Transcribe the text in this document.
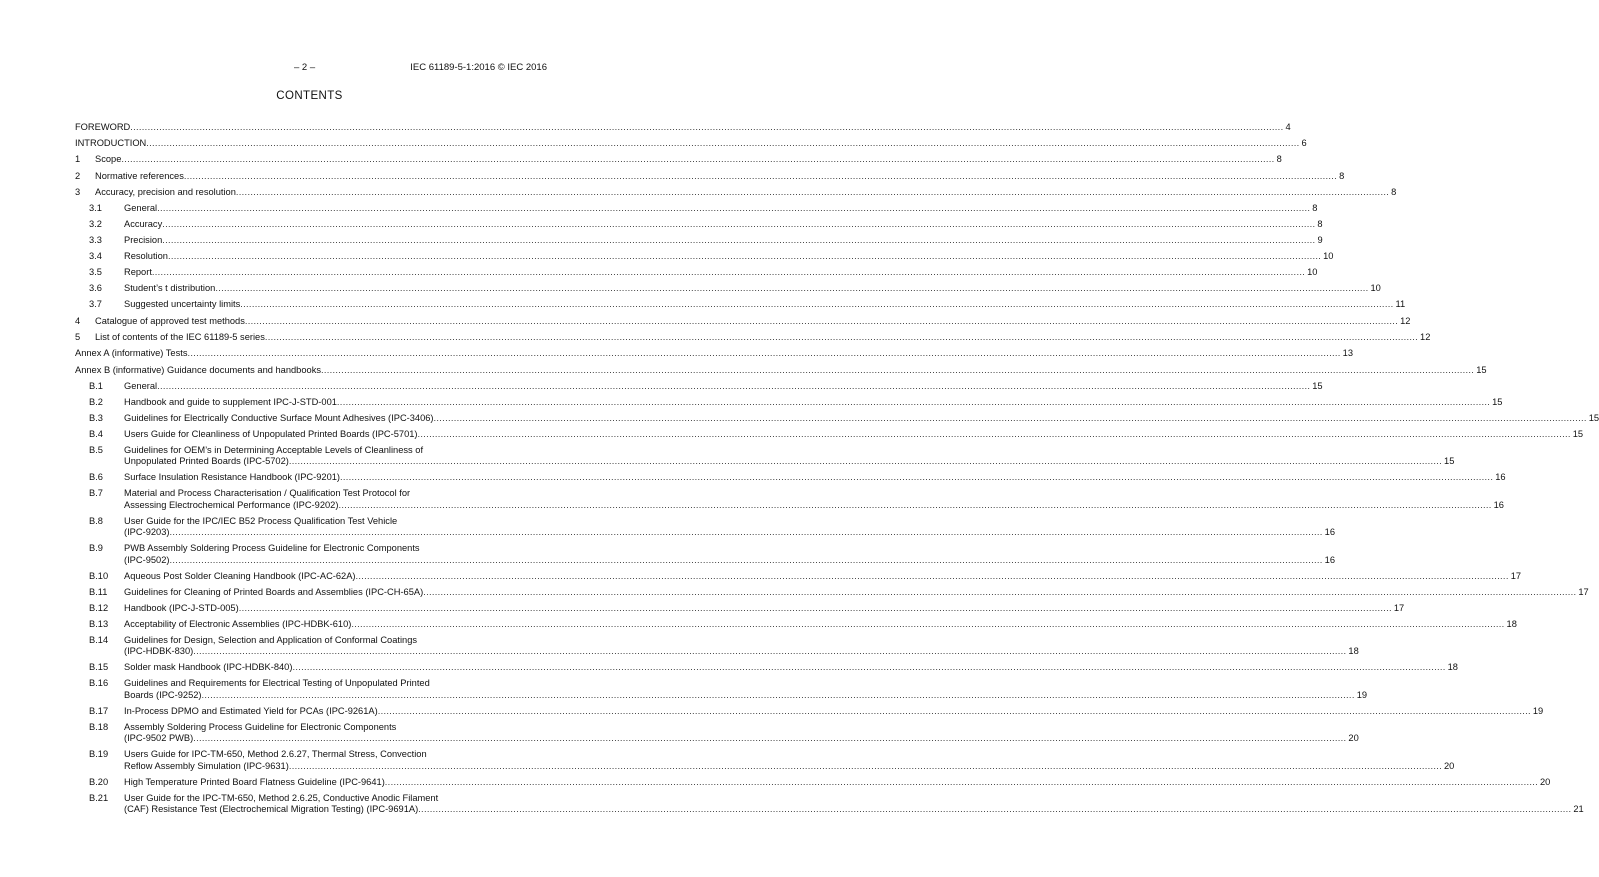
– 2 –	IEC 61189-5-1:2016 © IEC 2016
CONTENTS
FOREWORD ................................................................................................................................................................................................................................................................................................................................................................................................................ 4
INTRODUCTION ................................................................................................................................................................................................................................................................................................................................................................................................................ 6
1 Scope ................................................................................................................................................................................................................................................................................................................................................................................................................ 8
2 Normative references ................................................................................................................................................................................................................................................................................................................................................................................................................ 8
3 Accuracy, precision and resolution ................................................................................................................................................................................................................................................................................................................................................................................................................ 8
3.1 General ................................................................................................................................................................................................................................................................................................................................................................................................................ 8
3.2 Accuracy ................................................................................................................................................................................................................................................................................................................................................................................................................ 8
3.3 Precision ................................................................................................................................................................................................................................................................................................................................................................................................................ 9
3.4 Resolution ................................................................................................................................................................................................................................................................................................................................................................................................................ 10
3.5 Report ................................................................................................................................................................................................................................................................................................................................................................................................................ 10
3.6 Student’s t distribution ................................................................................................................................................................................................................................................................................................................................................................................................................ 10
3.7 Suggested uncertainty limits ................................................................................................................................................................................................................................................................................................................................................................................................................ 11
4 Catalogue of approved test methods ................................................................................................................................................................................................................................................................................................................................................................................................................ 12
5 List of contents of the IEC 61189-5 series ................................................................................................................................................................................................................................................................................................................................................................................................................ 12
Annex A (informative) Tests ................................................................................................................................................................................................................................................................................................................................................................................................................ 13
Annex B (informative) Guidance documents and handbooks ................................................................................................................................................................................................................................................................................................................................................................................................................ 15
B.1 General ................................................................................................................................................................................................................................................................................................................................................................................................................ 15
B.2 Handbook and guide to supplement IPC-J-STD-001 ................................................................................................................................................................................................................................................................................................................................................................................................................ 15
B.3 Guidelines for Electrically Conductive Surface Mount Adhesives (IPC-3406) ................................................................................................................................................................................................................................................................................................................................................................................................................ 15
B.4 Users Guide for Cleanliness of Unpopulated Printed Boards (IPC-5701) ................................................................................................................................................................................................................................................................................................................................................................................................................ 15
B.5 Guidelines for OEM’s in Determining Acceptable Levels of Cleanliness of
Unpopulated Printed Boards (IPC-5702) ................................................................................................................................................................................................................................................................................................................................................................................................................ 15
B.6 Surface Insulation Resistance Handbook (IPC-9201) ................................................................................................................................................................................................................................................................................................................................................................................................................ 16
B.7 Material and Process Characterisation / Qualification Test Protocol for
Assessing Electrochemical Performance (IPC-9202) ................................................................................................................................................................................................................................................................................................................................................................................................................ 16
B.8 User Guide for the IPC/IEC B52 Process Qualification Test Vehicle
(IPC-9203) ................................................................................................................................................................................................................................................................................................................................................................................................................ 16
B.9 PWB Assembly Soldering Process Guideline for Electronic Components
(IPC-9502) ................................................................................................................................................................................................................................................................................................................................................................................................................ 16
B.10 Aqueous Post Solder Cleaning Handbook (IPC-AC-62A) ................................................................................................................................................................................................................................................................................................................................................................................................................ 17
B.11 Guidelines for Cleaning of Printed Boards and Assemblies (IPC-CH-65A) ................................................................................................................................................................................................................................................................................................................................................................................................................ 17
B.12 Handbook (IPC-J-STD-005) ................................................................................................................................................................................................................................................................................................................................................................................................................ 17
B.13 Acceptability of Electronic Assemblies (IPC-HDBK-610) ................................................................................................................................................................................................................................................................................................................................................................................................................ 18
B.14 Guidelines for Design, Selection and Application of Conformal Coatings
(IPC-HDBK-830) ................................................................................................................................................................................................................................................................................................................................................................................................................ 18
B.15 Solder mask Handbook (IPC-HDBK-840) ................................................................................................................................................................................................................................................................................................................................................................................................................ 18
B.16 Guidelines and Requirements for Electrical Testing of Unpopulated Printed
Boards (IPC-9252) ................................................................................................................................................................................................................................................................................................................................................................................................................ 19
B.17 In-Process DPMO and Estimated Yield for PCAs (IPC-9261A) ................................................................................................................................................................................................................................................................................................................................................................................................................ 19
B.18 Assembly Soldering Process Guideline for Electronic Components
(IPC-9502 PWB) ................................................................................................................................................................................................................................................................................................................................................................................................................ 20
B.19 Users Guide for IPC-TM-650, Method 2.6.27, Thermal Stress, Convection
Reflow Assembly Simulation (IPC-9631) ................................................................................................................................................................................................................................................................................................................................................................................................................ 20
B.20 High Temperature Printed Board Flatness Guideline (IPC-9641) ................................................................................................................................................................................................................................................................................................................................................................................................................ 20
B.21 User Guide for the IPC-TM-650, Method 2.6.25, Conductive Anodic Filament
(CAF) Resistance Test (Electrochemical Migration Testing) (IPC-9691A) ................................................................................................................................................................................................................................................................................................................................................................................................................ 21
